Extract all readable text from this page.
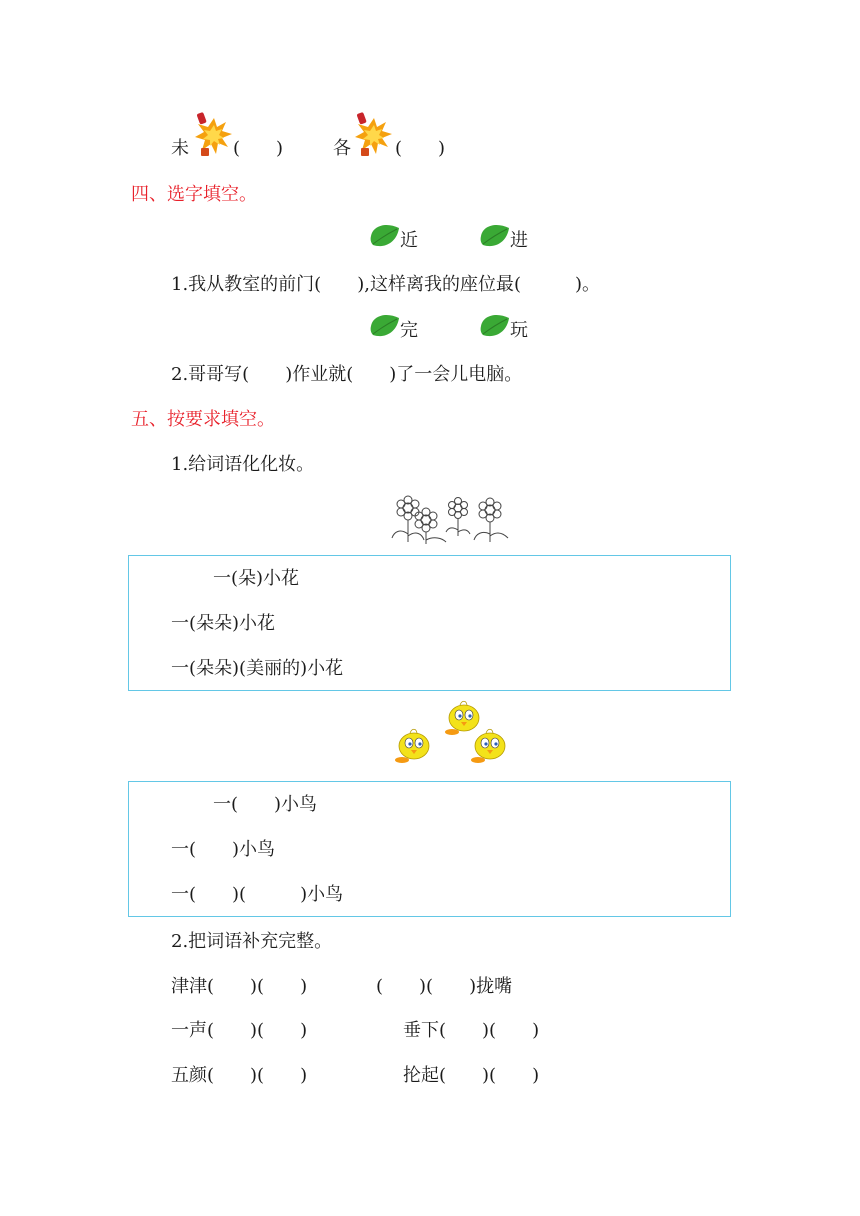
未 (　　)	各 (　　)
四、选字填空。
近	进
1.我从教室的前门(　　),这样离我的座位最(　　　)。
完	玩
2.哥哥写(　　)作业就(　　)了一会儿电脑。
五、按要求填空。
1.给词语化化妆。
一(朵)小花
一(朵朵)小花
一(朵朵)(美丽的)小花
一(　　)小鸟
一(　　)小鸟
一(　　)(　　　)小鸟
2.把词语补充完整。
津津(　　)(　　)	(　　)(　　)拢嘴
一声(　　)(　　)	垂下(　　)(　　)
五颜(　　)(　　)	抡起(　　)(　　)
